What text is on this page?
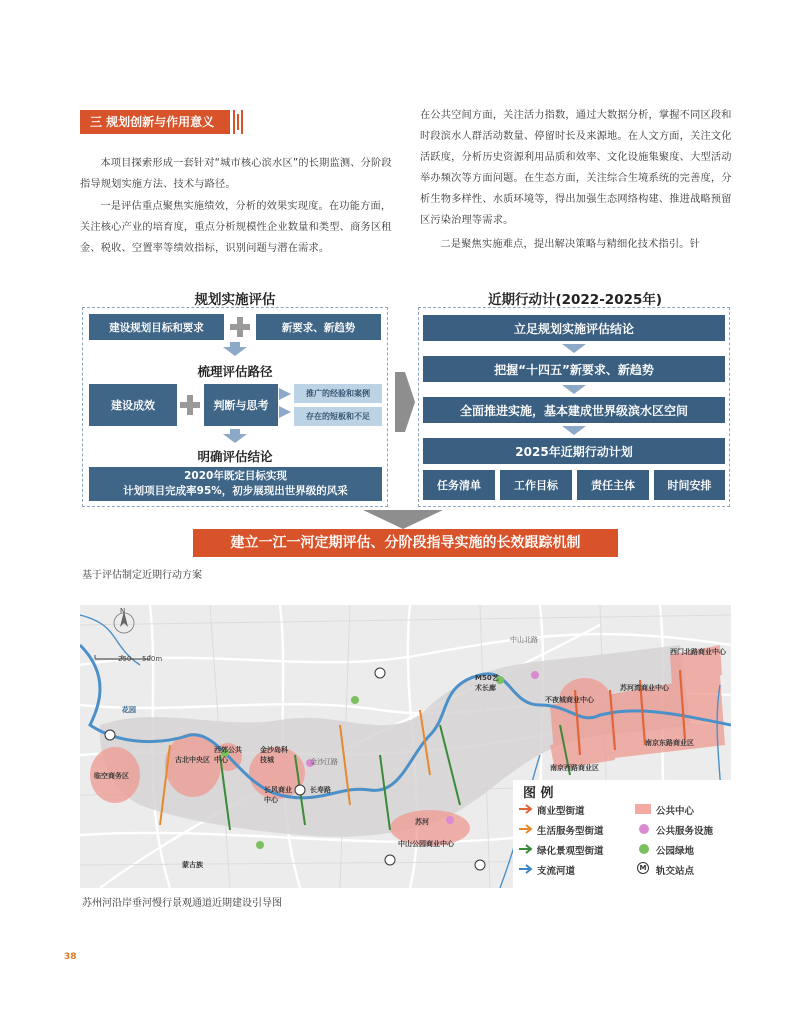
三 规划创新与作用意义
本项目探索形成一套针对“城市核心滨水区”的长期监测、分阶段指导规划实施方法、技术与路径。
一是评估重点聚焦实施绩效，分析的效果实现度。在功能方面，关注核心产业的培育度，重点分析规模性企业数量和类型、商务区租金、税收、空置率等绩效指标，识别问题与潜在需求。
在公共空间方面，关注活力指数，通过大数据分析，掌握不同区段和时段滨水人群活动数量、停留时长及来源地。在人文方面，关注文化活跃度，分析历史资源利用品质和效率、文化设施集聚度、大型活动举办频次等方面问题。在生态方面，关注综合生境系统的完善度，分析生物多样性、水质环境等，得出加强生态网络构建、推进战略预留区污染治理等需求。
二是聚焦实施难点，提出解决策略与精细化技术指引。针
规划实施评估	近期行动计(2022-2025年)
建设规划目标和要求	新要求、新趋势
梳理评估路径
建设成效	判断与思考
推广的经验和案例
存在的短板和不足
明确评估结论
2020年既定目标实现
计划项目完成率95%，初步展现出世界级的风采
立足规划实施评估结论
把握“十四五”新要求、新趋势
全面推进实施，基本建成世界级滨水区空间
2025年近期行动计划
任务清单	工作目标	责任主体	时间安排
建立一江一河定期评估、分阶段指导实施的长效跟踪机制
基于评估制定近期行动方案
N
250 500m
花园
临空商务区
古北中央区
西郊公共中心
金沙岛科技城
长风商业中心
长寿路
M50艺术长廊
不夜城商业中心
苏河湾商业中心
西门北路商业中心
南京西路商业区
南京东路商业区
中山公园商业中心
苏河
蒙古族
中山北路
金沙江路
图 例
商业型街道	公共中心
生活服务型街道	公共服务设施
绿化景观型街道	公园绿地
支流河道	M 轨交站点
苏州河沿岸垂河慢行景观通道近期建设引导图
38
